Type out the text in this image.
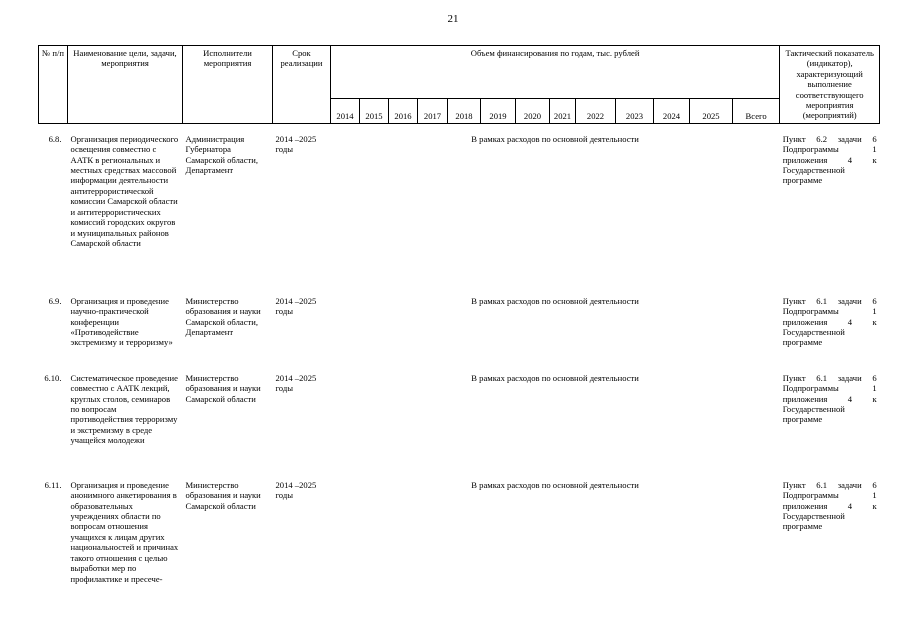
21
№ п/п	Наименование цели, задачи, мероприятия	Исполнители мероприятия	Срок реализации	Объем финансирования по годам, тыс. рублей													Тактический показатель (индикатор), характеризующий выполнение соответствующего мероприятия (мероприятий)
				2014	2015	2016	2017	2018	2019	2020	2021	2022	2023	2024	2025	Всего	

6.8.	Организация периодического освещения совместно с ААТК в региональных и местных средствах массовой информации деятельности антитеррористической комиссии Самарской области и антитеррористических комиссий городских округов и муниципальных районов Самарской области	Администрация Губернатора Самарской области, Департамент	2014 –2025 годы	В рамках расходов по основной деятельности													Пункт 6.2 задачи 6 Подпрограммы 1 приложения 4 к Государственной программе
6.9.	Организация и проведение научно-практической конференции «Противодействие экстремизму и терроризму»	Министерство образования и науки Самарской области, Департамент	2014 –2025 годы	В рамках расходов по основной деятельности													Пункт 6.1 задачи 6 Подпрограммы 1 приложения 4 к Государственной программе
6.10.	Систематическое проведение совместно с ААТК лекций, круглых столов, семинаров по вопросам противодействия терроризму и экстремизму в среде учащейся молодежи	Министерство образования и науки Самарской области	2014 –2025 годы	В рамках расходов по основной деятельности													Пункт 6.1 задачи 6 Подпрограммы 1 приложения 4 к Государственной программе
6.11.	Организация и проведение анонимного анкетирования в образовательных учреждениях области по вопросам отношения учащихся к лицам других национальностей и причинах такого отношения с целью выработки мер по профилактике и пресече-	Министерство образования и науки Самарской области	2014 –2025 годы	В рамках расходов по основной деятельности													Пункт 6.1 задачи 6 Подпрограммы 1 приложения 4 к Государственной программе
